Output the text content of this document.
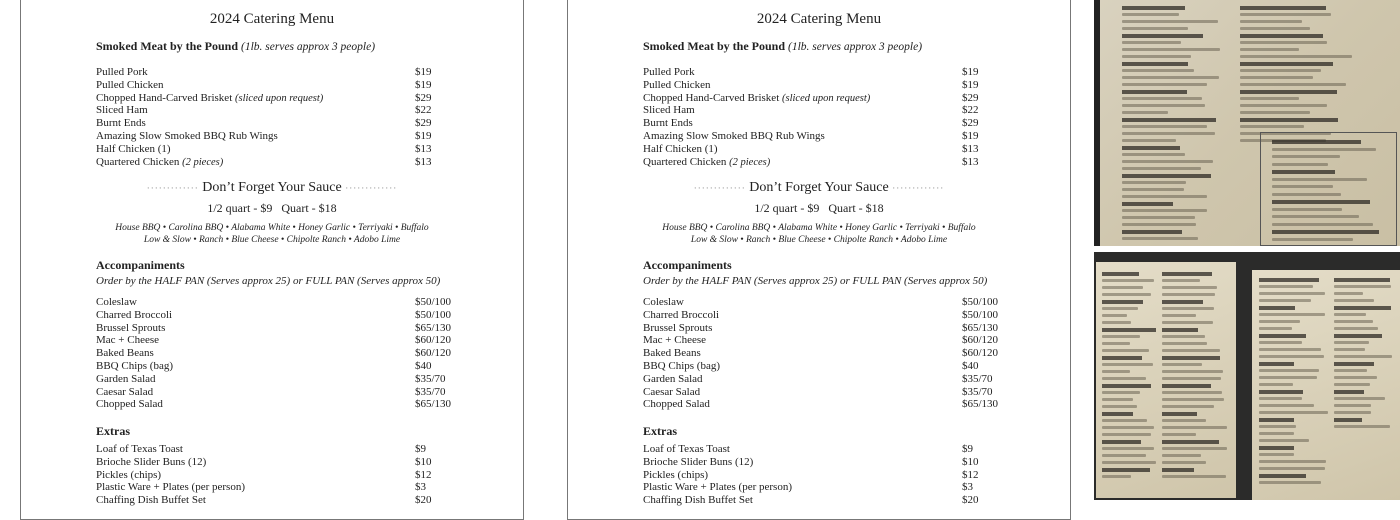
2024 Catering Menu
Smoked Meat by the Pound (1lb. serves approx 3 people)
Pulled Pork	$19
Pulled Chicken	$19
Chopped Hand-Carved Brisket (sliced upon request)	$29
Sliced Ham	$22
Burnt Ends	$29
Amazing Slow Smoked BBQ Rub Wings	$19
Half Chicken (1)	$13
Quartered Chicken (2 pieces)	$13
············· Don’t Forget Your Sauce ·············
1/2 quart - $9   Quart - $18
House BBQ • Carolina BBQ • Alabama White • Honey Garlic • Terriyaki • Buffalo
Low & Slow • Ranch • Blue Cheese • Chipolte Ranch • Adobo Lime
Accompaniments
Order by the HALF PAN (Serves approx 25) or FULL PAN (Serves approx 50)
Coleslaw	$50/100
Charred Broccoli	$50/100
Brussel Sprouts	$65/130
Mac + Cheese	$60/120
Baked Beans	$60/120
BBQ Chips (bag)	$40
Garden Salad	$35/70
Caesar Salad	$35/70
Chopped Salad	$65/130
Extras
Loaf of Texas Toast	$9
Brioche Slider Buns (12)	$10
Pickles (chips)	$12
Plastic Ware + Plates (per person)	$3
Chaffing Dish Buffet Set	$20
2024 Catering Menu
Smoked Meat by the Pound (1lb. serves approx 3 people)
Pulled Pork	$19
Pulled Chicken	$19
Chopped Hand-Carved Brisket (sliced upon request)	$29
Sliced Ham	$22
Burnt Ends	$29
Amazing Slow Smoked BBQ Rub Wings	$19
Half Chicken (1)	$13
Quartered Chicken (2 pieces)	$13
············· Don’t Forget Your Sauce ·············
1/2 quart - $9   Quart - $18
House BBQ • Carolina BBQ • Alabama White • Honey Garlic • Terriyaki • Buffalo
Low & Slow • Ranch • Blue Cheese • Chipolte Ranch • Adobo Lime
Accompaniments
Order by the HALF PAN (Serves approx 25) or FULL PAN (Serves approx 50)
Coleslaw	$50/100
Charred Broccoli	$50/100
Brussel Sprouts	$65/130
Mac + Cheese	$60/120
Baked Beans	$60/120
BBQ Chips (bag)	$40
Garden Salad	$35/70
Caesar Salad	$35/70
Chopped Salad	$65/130
Extras
Loaf of Texas Toast	$9
Brioche Slider Buns (12)	$10
Pickles (chips)	$12
Plastic Ware + Plates (per person)	$3
Chaffing Dish Buffet Set	$20
